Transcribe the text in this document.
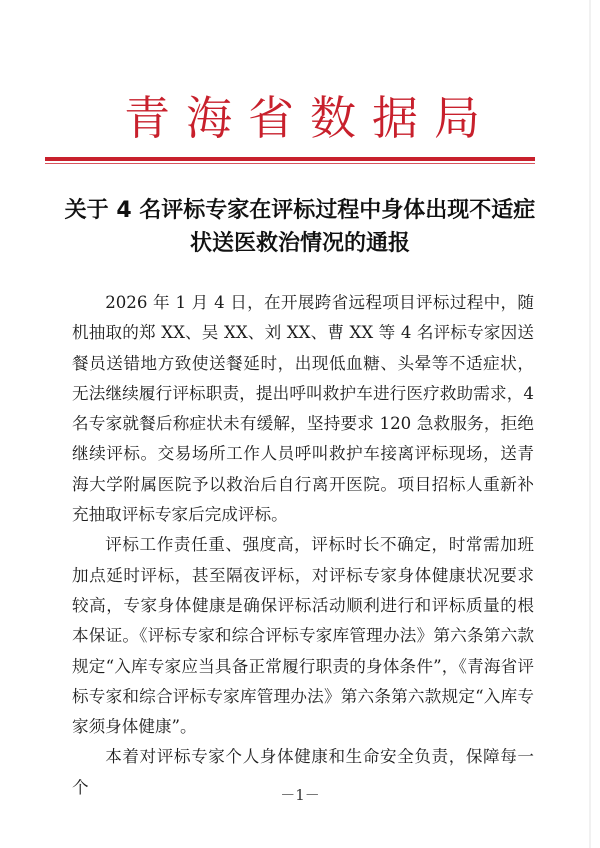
青海省数据局
关于 4 名评标专家在评标过程中身体出现不适症状送医救治情况的通报

2026 年 1 月 4 日，在开展跨省远程项目评标过程中，随机抽取的郑 XX、吴 XX、刘 XX、曹 XX 等 4 名评标专家因送餐员送错地方致使送餐延时，出现低血糖、头晕等不适症状，无法继续履行评标职责，提出呼叫救护车进行医疗救助需求，4 名专家就餐后称症状未有缓解，坚持要求 120 急救服务，拒绝继续评标。交易场所工作人员呼叫救护车接离评标现场，送青海大学附属医院予以救治后自行离开医院。项目招标人重新补充抽取评标专家后完成评标。

评标工作责任重、强度高，评标时长不确定，时常需加班加点延时评标，甚至隔夜评标，对评标专家身体健康状况要求较高，专家身体健康是确保评标活动顺利进行和评标质量的根本保证。《评标专家和综合评标专家库管理办法》第六条第六款规定“入库专家应当具备正常履行职责的身体条件”，《青海省评标专家和综合评标专家库管理办法》第六条第六款规定“入库专家须身体健康”。

本着对评标专家个人身体健康和生命安全负责，保障每一个	－1－
